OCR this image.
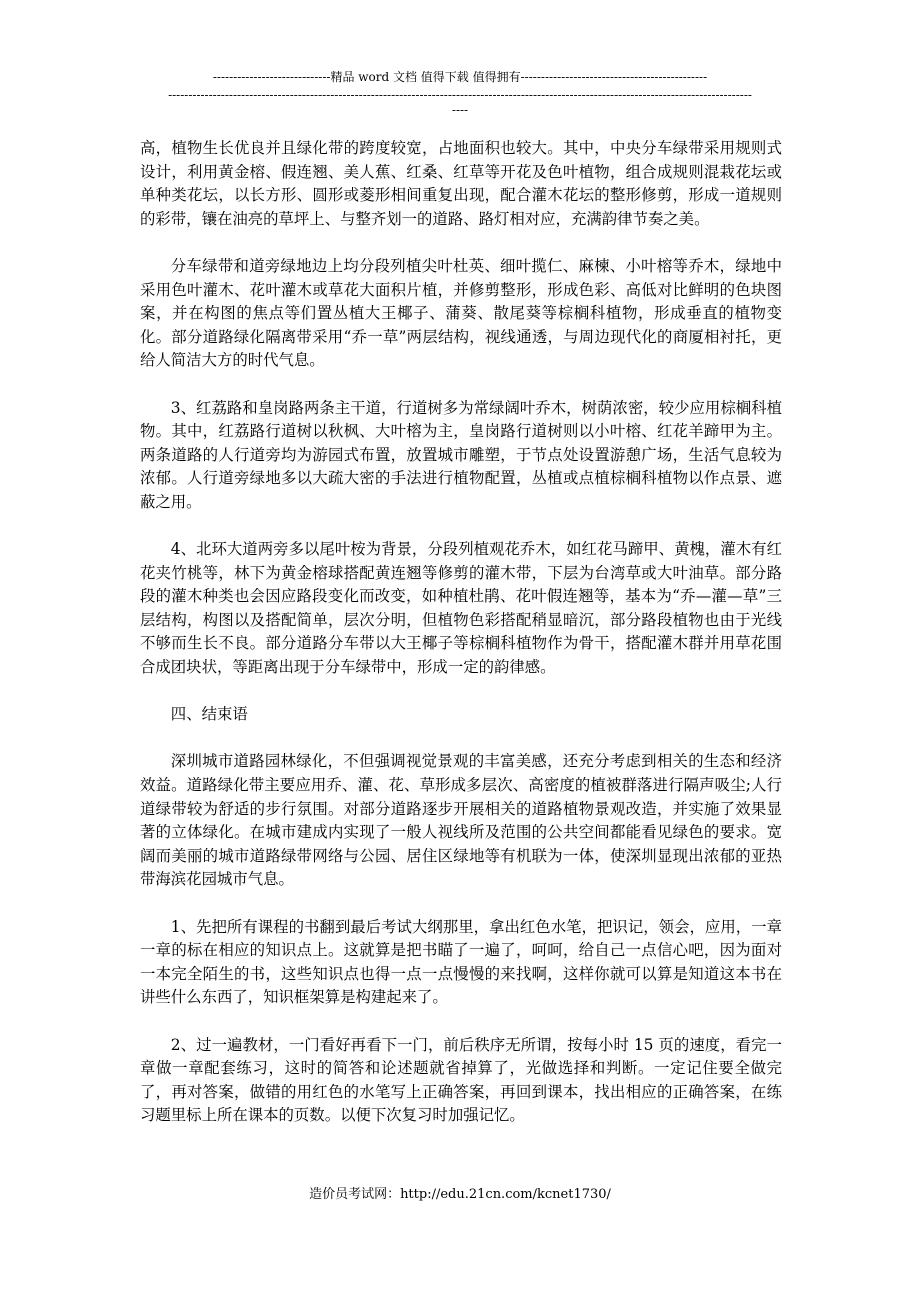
-----------------------------精品 word 文档 值得下载 值得拥有----------------------------------------------
------------------------------------------------------------------------------------------------------------------------------------------------
----

高，植物生长优良并且绿化带的跨度较宽，占地面积也较大。其中，中央分车绿带采用规则式设计，利用黄金榕、假连翘、美人蕉、红桑、红草等开花及色叶植物，组合成规则混栽花坛或单种类花坛，以长方形、圆形或菱形相间重复出现，配合灌木花坛的整形修剪，形成一道规则的彩带，镶在油亮的草坪上、与整齐划一的道路、路灯相对应，充满韵律节奏之美。

分车绿带和道旁绿地边上均分段列植尖叶杜英、细叶揽仁、麻楝、小叶榕等乔木，绿地中采用色叶灌木、花叶灌木或草花大面积片植，并修剪整形，形成色彩、高低对比鲜明的色块图案，并在构图的焦点等们置丛植大王椰子、蒲葵、散尾葵等棕榈科植物，形成垂直的植物变化。部分道路绿化隔离带采用“乔一草”两层结构，视线通透，与周边现代化的商厦相衬托，更给人简洁大方的时代气息。

3、红荔路和皇岗路两条主干道，行道树多为常绿阔叶乔木，树荫浓密，较少应用棕榈科植物。其中，红荔路行道树以秋枫、大叶榕为主，皇岗路行道树则以小叶榕、红花羊蹄甲为主。两条道路的人行道旁均为游园式布置，放置城市雕塑，于节点处设置游憩广场，生活气息较为浓郁。人行道旁绿地多以大疏大密的手法进行植物配置，丛植或点植棕榈科植物以作点景、遮蔽之用。

4、北环大道两旁多以尾叶桉为背景，分段列植观花乔木，如红花马蹄甲、黄槐，灌木有红花夹竹桃等，林下为黄金榕球搭配黄连翘等修剪的灌木带，下层为台湾草或大叶油草。部分路段的灌木种类也会因应路段变化而改变，如种植杜鹃、花叶假连翘等，基本为“乔—灌—草”三层结构，构图以及搭配简单，层次分明，但植物色彩搭配稍显暗沉，部分路段植物也由于光线不够而生长不良。部分道路分车带以大王椰子等棕榈科植物作为骨干，搭配灌木群并用草花围合成团块状，等距离出现于分车绿带中，形成一定的韵律感。

四、结束语

深圳城市道路园林绿化，不但强调视觉景观的丰富美感，还充分考虑到相关的生态和经济效益。道路绿化带主要应用乔、灌、花、草形成多层次、高密度的植被群落进行隔声吸尘;人行道绿带较为舒适的步行氛围。对部分道路逐步开展相关的道路植物景观改造，并实施了效果显著的立体绿化。在城市建成内实现了一般人视线所及范围的公共空间都能看见绿色的要求。宽阔而美丽的城市道路绿带网络与公园、居住区绿地等有机联为一体，使深圳显现出浓郁的亚热带海滨花园城市气息。

1、先把所有课程的书翻到最后考试大纲那里，拿出红色水笔，把识记，领会，应用，一章一章的标在相应的知识点上。这就算是把书瞄了一遍了，呵呵，给自己一点信心吧，因为面对一本完全陌生的书，这些知识点也得一点一点慢慢的来找啊，这样你就可以算是知道这本书在讲些什么东西了，知识框架算是构建起来了。

2、过一遍教材，一门看好再看下一门，前后秩序无所谓，按每小时 15 页的速度，看完一章做一章配套练习，这时的简答和论述题就省掉算了，光做选择和判断。一定记住要全做完了，再对答案，做错的用红色的水笔写上正确答案，再回到课本，找出相应的正确答案，在练习题里标上所在课本的页数。以便下次复习时加强记忆。

造价员考试网：http://edu.21cn.com/kcnet1730/
